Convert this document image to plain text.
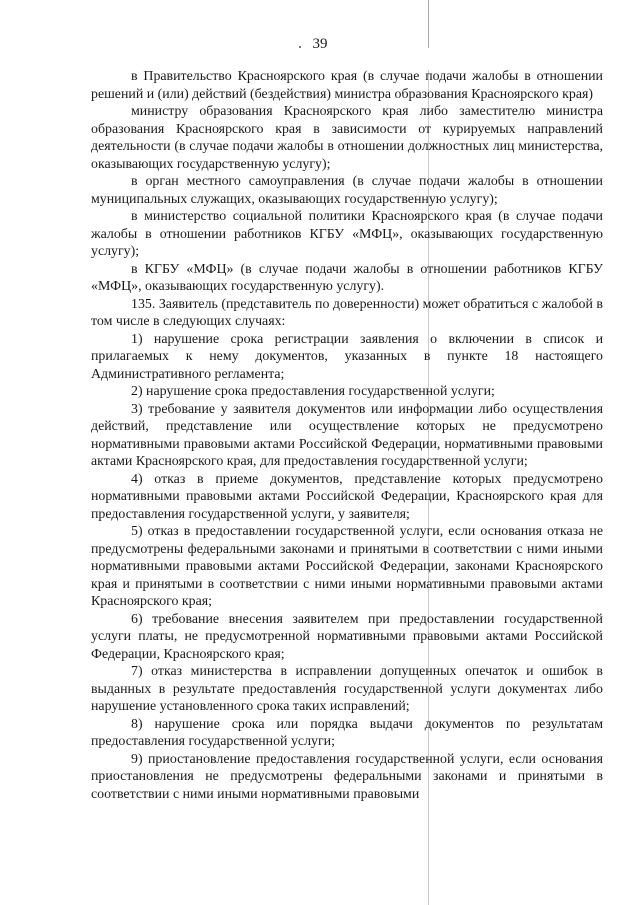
39

в Правительство Красноярского края (в случае подачи жалобы в отношении решений и (или) действий (бездействия) министра образования Красноярского края)

министру образования Красноярского края либо заместителю министра образования Красноярского края в зависимости от курируемых направлений деятельности (в случае подачи жалобы в отношении должностных лиц министерства, оказывающих государственную услугу);

в орган местного самоуправления (в случае подачи жалобы в отношении муниципальных служащих, оказывающих государственную услугу);

в министерство социальной политики Красноярского края (в случае подачи жалобы в отношении работников КГБУ «МФЦ», оказывающих государственную услугу);

в КГБУ «МФЦ» (в случае подачи жалобы в отношении работников КГБУ «МФЦ», оказывающих государственную услугу).

135. Заявитель (представитель по доверенности) может обратиться с жалобой в том числе в следующих случаях:

1) нарушение срока регистрации заявления о включении в список и прилагаемых к нему документов, указанных в пункте 18 настоящего Административного регламента;

2) нарушение срока предоставления государственной услуги;

3) требование у заявителя документов или информации либо осуществления действий, представление или осуществление которых не предусмотрено нормативными правовыми актами Российской Федерации, нормативными правовыми актами Красноярского края, для предоставления государственной услуги;

4) отказ в приеме документов, представление которых предусмотрено нормативными правовыми актами Российской Федерации, Красноярского края для предоставления государственной услуги, у заявителя;

5) отказ в предоставлении государственной услуги, если основания отказа не предусмотрены федеральными законами и принятыми в соответствии с ними иными нормативными правовыми актами Российской Федерации, законами Красноярского края и принятыми в соответствии с ними иными нормативными правовыми актами Красноярского края;

6) требование внесения заявителем при предоставлении государственной услуги платы, не предусмотренной нормативными правовыми актами Российской Федерации, Красноярского края;

7) отказ министерства в исправлении допущенных опечаток и ошибок в выданных в результате предоставления государственной услуги документах либо нарушение установленного срока таких исправлений;

8) нарушение срока или порядка выдачи документов по результатам предоставления государственной услуги;

9) приостановление предоставления государственной услуги, если основания приостановления не предусмотрены федеральными законами и принятыми в соответствии с ними иными нормативными правовыми
